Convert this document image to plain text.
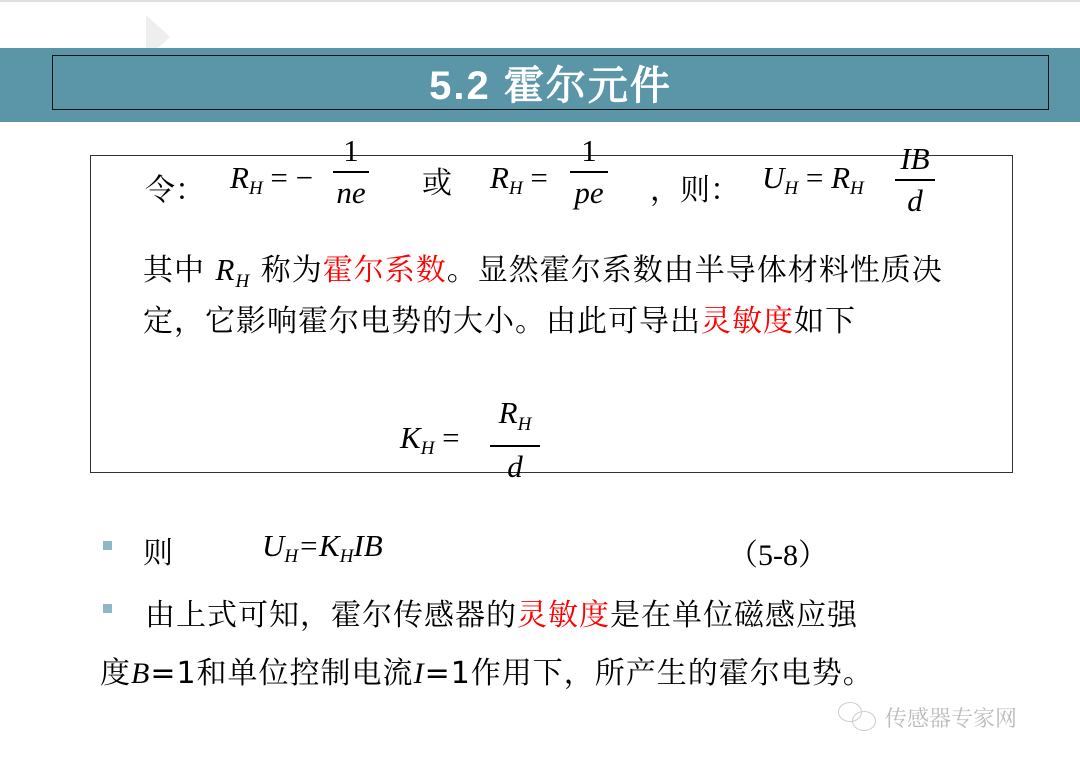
5.2 霍尔元件
令： $R_H$ = −
1
ne 或 $R_H$ =
1
pe ，则： $U_H = R_H$
IB
d
其中 $R_H$ 称为霍尔系数。显然霍尔系数由半导体材料性质决定，它影响霍尔电势的大小。由此可导出灵敏度如下
$K_H$ =
$R_H$
d
则	$U_H=K_HIB$	（5-8）
由上式可知，霍尔传感器的灵敏度是在单位磁感应强
度B=1和单位控制电流I=1作用下，所产生的霍尔电势。
传感器专家网
